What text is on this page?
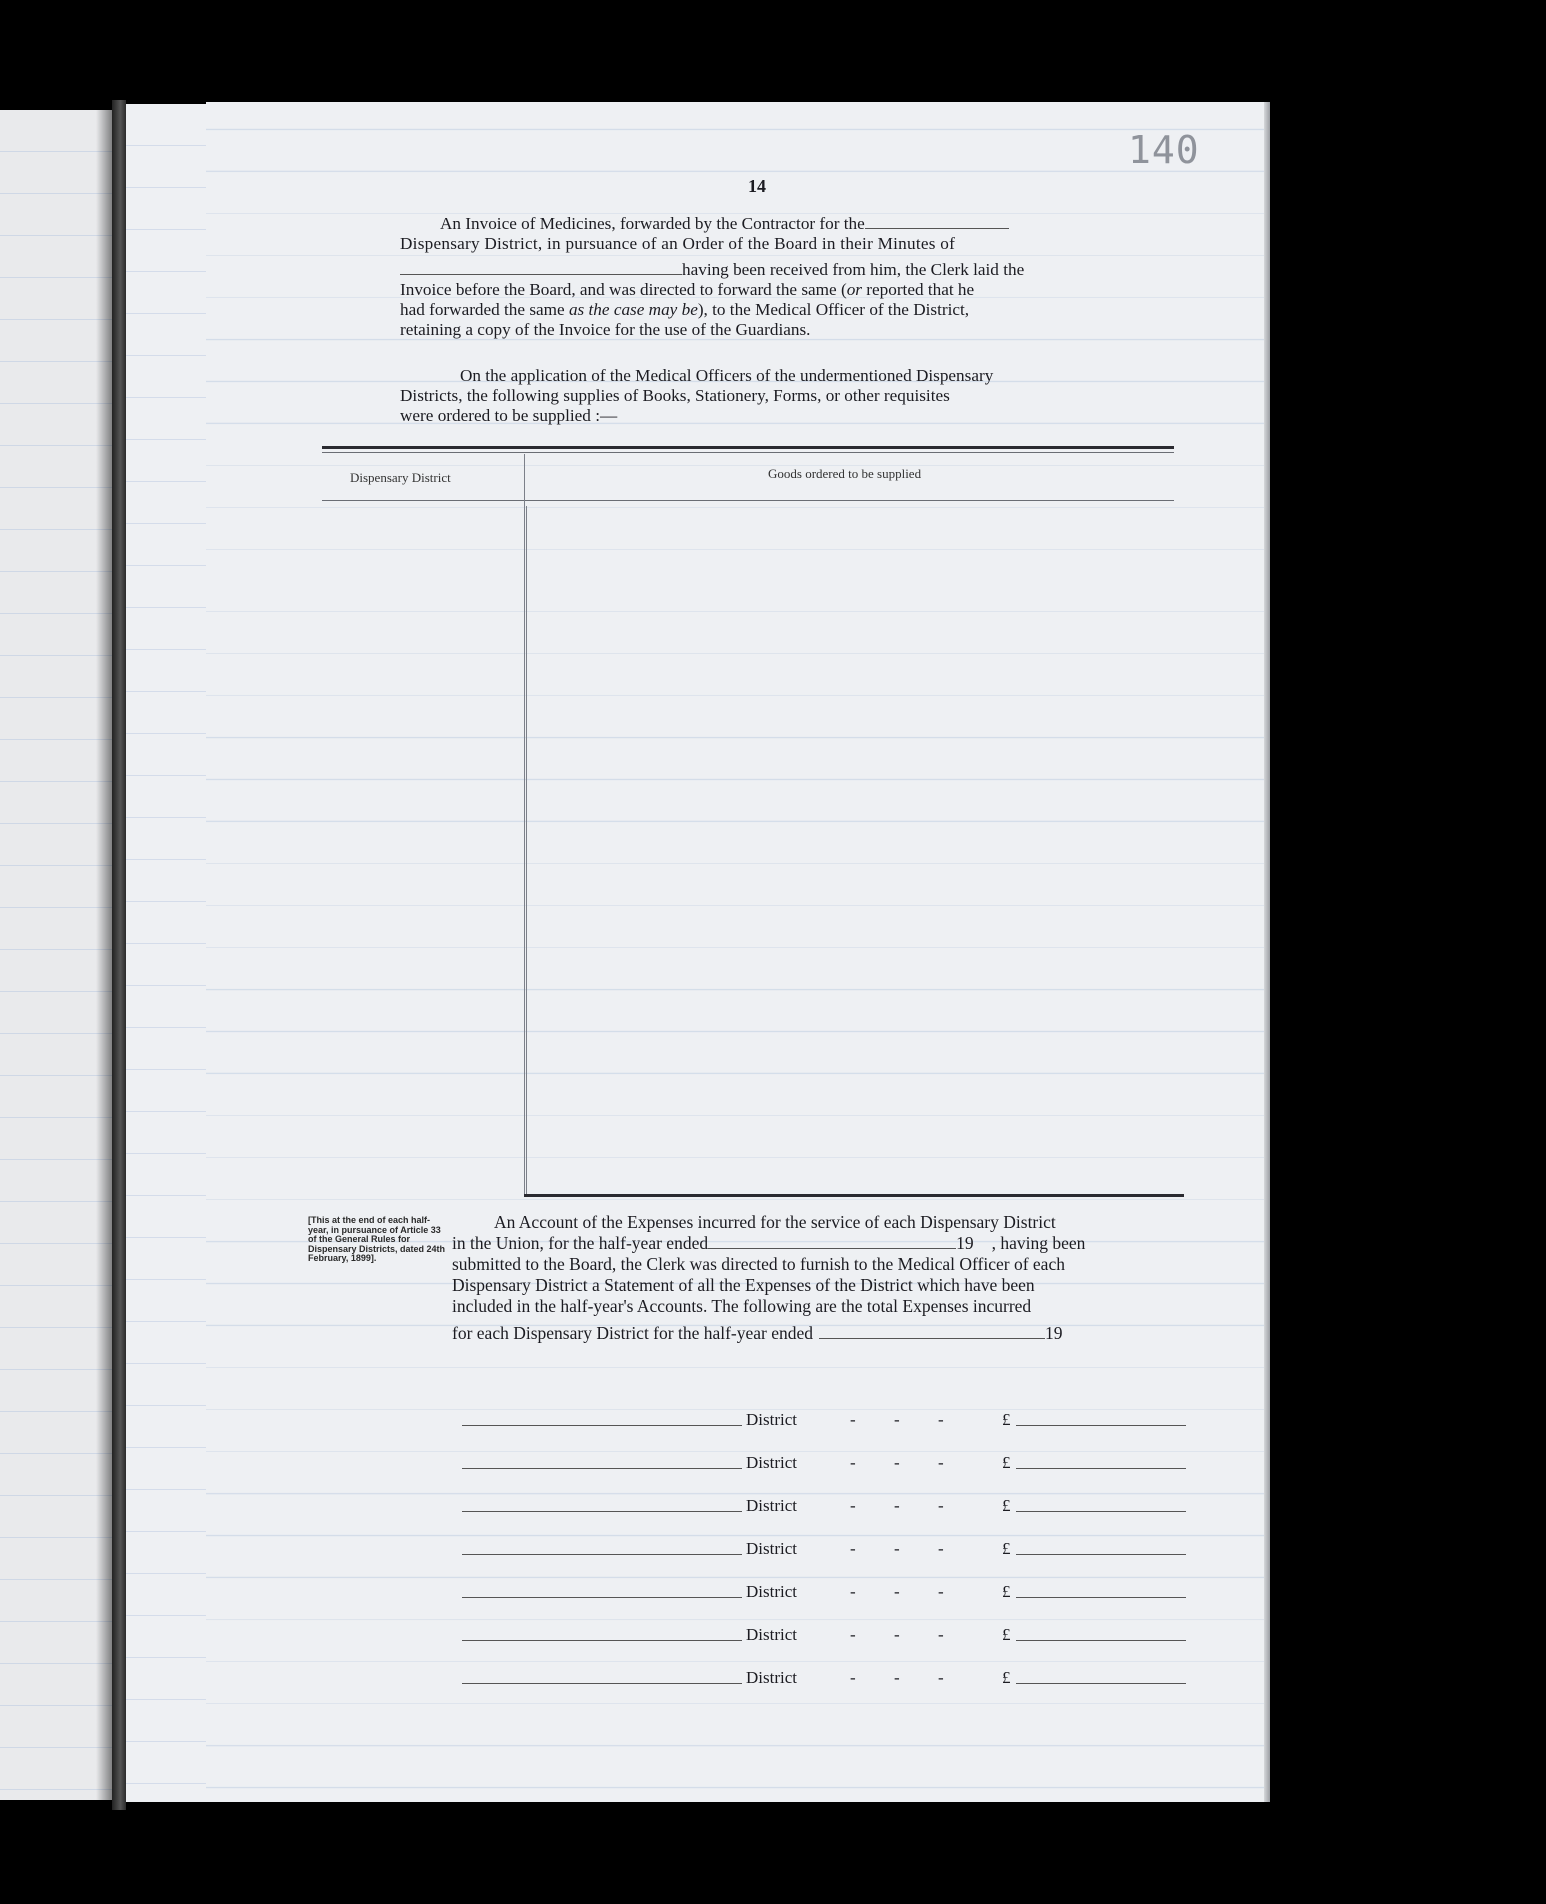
140
14
An Invoice of Medicines, forwarded by the Contractor for the
Dispensary District, in pursuance of an Order of the Board in their Minutes of
having been received from him, the Clerk laid the
Invoice before the Board, and was directed to forward the same (or reported that he
had forwarded the same as the case may be), to the Medical Officer of the District,
retaining a copy of the Invoice for the use of the Guardians.
On the application of the Medical Officers of the undermentioned Dispensary
Districts, the following supplies of Books, Stationery, Forms, or other requisites
were ordered to be supplied :—
Dispensary District	Goods ordered to be supplied
[This at the end of each half-year, in pursuance of Article 33 of the General Rules for Dispensary Districts, dated 24th February, 1899].
An Account of the Expenses incurred for the service of each Dispensary District
in the Union, for the half-year ended	19 , having been
submitted to the Board, the Clerk was directed to furnish to the Medical Officer of each
Dispensary District a Statement of all the Expenses of the District which have been
included in the half-year's Accounts. The following are the total Expenses incurred
for each Dispensary District for the half-year ended	19
District	- - -	£
District	- - -	£
District	- - -	£
District	- - -	£
District	- - -	£
District	- - -	£
District	- - -	£
